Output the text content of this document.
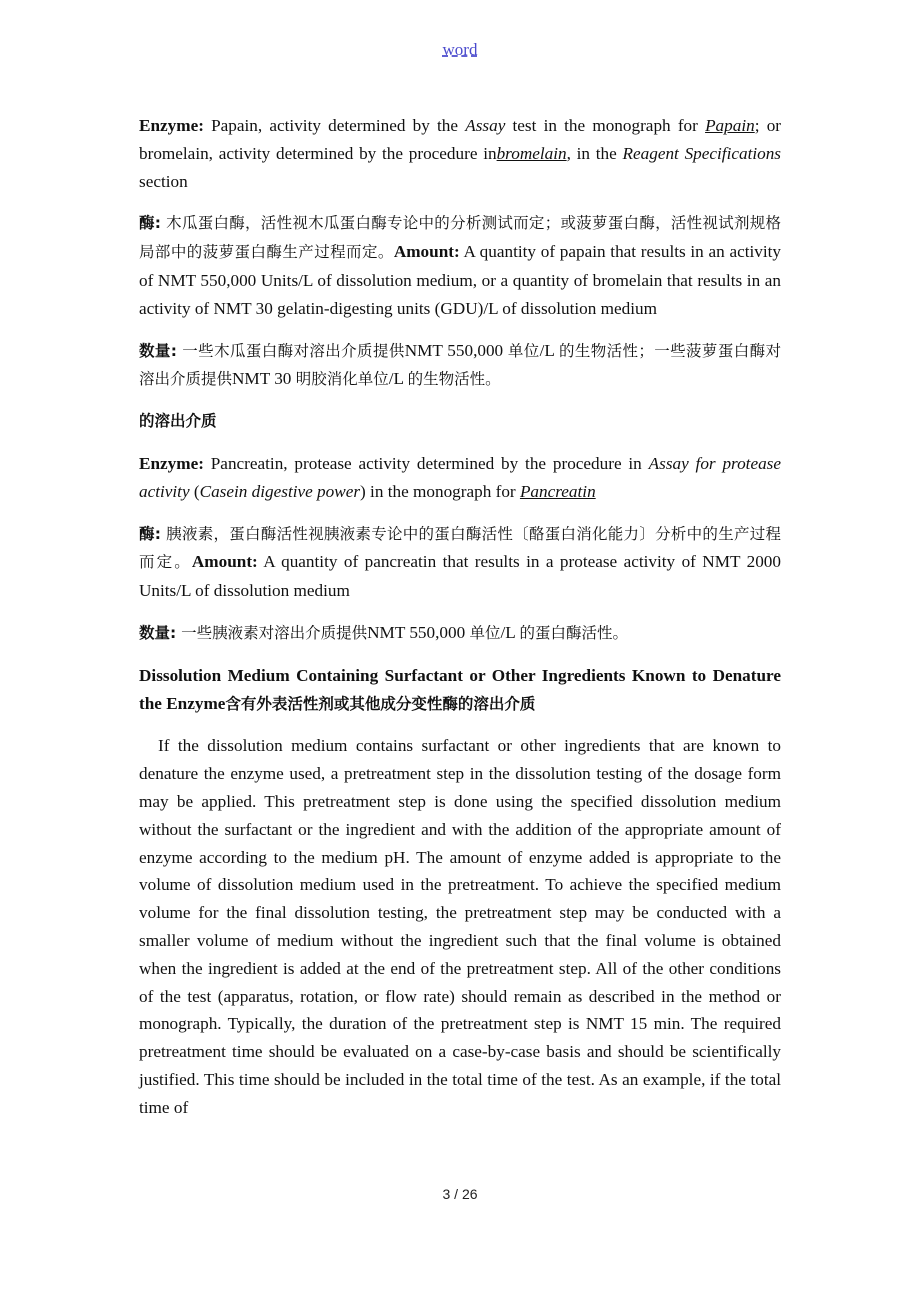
word

Enzyme: Papain, activity determined by the Assay test in the monograph for Papain; or bromelain, activity determined by the procedure inbromelain, in the Reagent Specifications section

酶: 木瓜蛋白酶，活性视木瓜蛋白酶专论中的分析测试而定；或菠萝蛋白酶，活性视试剂规格局部中的菠萝蛋白酶生产过程而定。Amount: A quantity of papain that results in an activity of NMT 550,000 Units/L of dissolution medium, or a quantity of bromelain that results in an activity of NMT 30 gelatin-digesting units (GDU)/L of dissolution medium

数量: 一些木瓜蛋白酶对溶出介质提供NMT 550,000 单位/L 的生物活性；一些菠萝蛋白酶对溶出介质提供NMT 30 明胶消化单位/L 的生物活性。

的溶出介质

Enzyme: Pancreatin, protease activity determined by the procedure in Assay for protease activity (Casein digestive power) in the monograph for Pancreatin

酶: 胰液素，蛋白酶活性视胰液素专论中的蛋白酶活性〔酪蛋白消化能力〕分析中的生产过程而定。Amount: A quantity of pancreatin that results in a protease activity of NMT 2000 Units/L of dissolution medium

数量: 一些胰液素对溶出介质提供NMT 550,000 单位/L 的蛋白酶活性。

Dissolution Medium Containing Surfactant or Other Ingredients Known to Denature the Enzyme含有外表活性剂或其他成分变性酶的溶出介质

If the dissolution medium contains surfactant or other ingredients that are known to denature the enzyme used, a pretreatment step in the dissolution testing of the dosage form may be applied. This pretreatment step is done using the specified dissolution medium without the surfactant or the ingredient and with the addition of the appropriate amount of enzyme according to the medium pH. The amount of enzyme added is appropriate to the volume of dissolution medium used in the pretreatment. To achieve the specified medium volume for the final dissolution testing, the pretreatment step may be conducted with a smaller volume of medium without the ingredient such that the final volume is obtained when the ingredient is added at the end of the pretreatment step. All of the other conditions of the test (apparatus, rotation, or flow rate) should remain as described in the method or monograph. Typically, the duration of the pretreatment step is NMT 15 min. The required pretreatment time should be evaluated on a case-by-case basis and should be scientifically justified. This time should be included in the total time of the test. As an example, if the total time of

3 / 26
